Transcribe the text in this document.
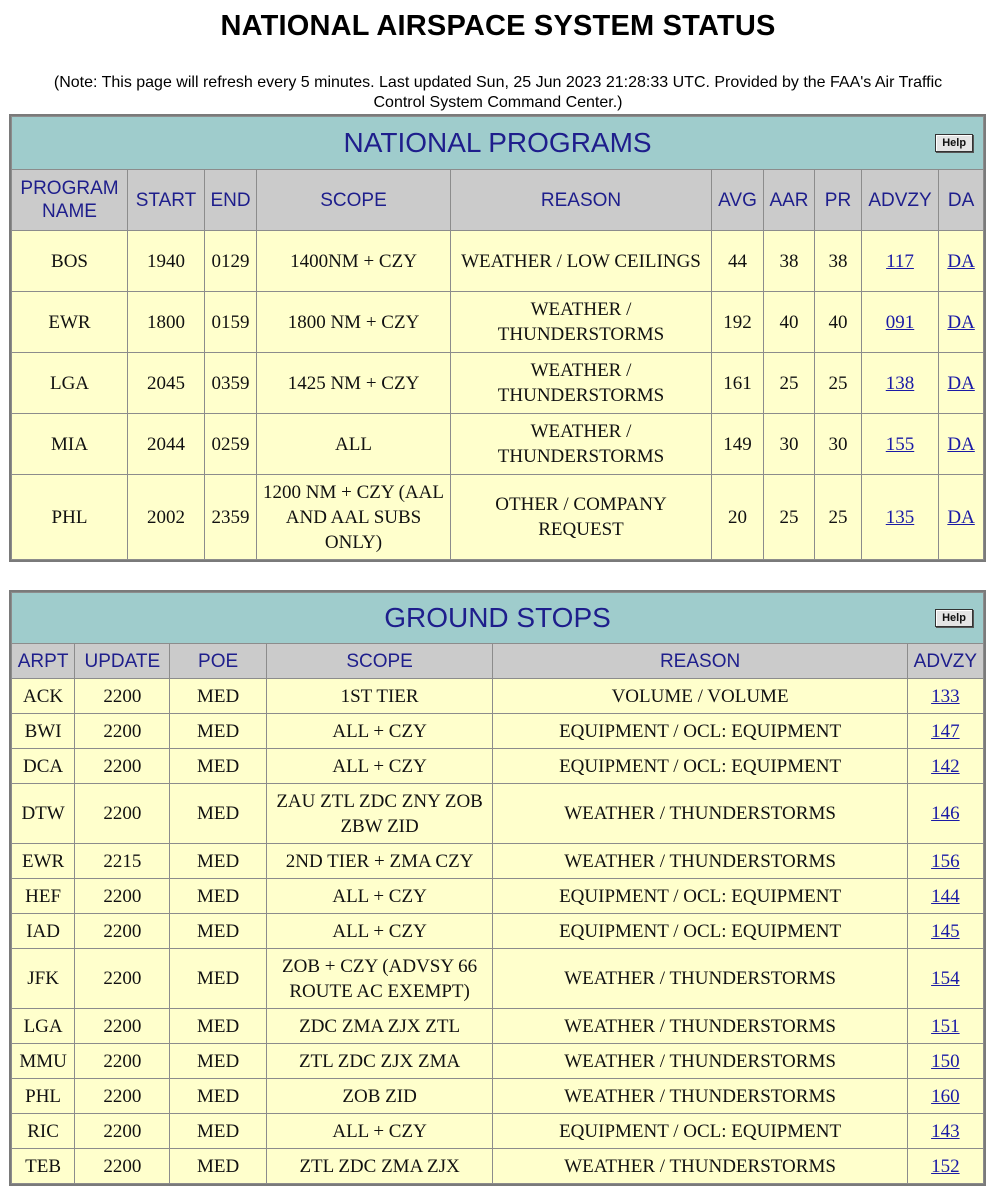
NATIONAL AIRSPACE SYSTEM STATUS
(Note: This page will refresh every 5 minutes. Last updated Sun, 25 Jun 2023 21:28:33 UTC. Provided by the FAA's Air Traffic
Control System Command Center.)
NATIONAL PROGRAMS Help									

PROGRAM NAME	START	END	SCOPE	REASON	AVG	AAR	PR	ADVZY	DA
BOS	1940	0129	1400NM + CZY	WEATHER / LOW CEILINGS	44	38	38	117	DA
EWR	1800	0159	1800 NM + CZY	WEATHER / THUNDERSTORMS	192	40	40	091	DA
LGA	2045	0359	1425 NM + CZY	WEATHER / THUNDERSTORMS	161	25	25	138	DA
MIA	2044	0259	ALL	WEATHER / THUNDERSTORMS	149	30	30	155	DA
PHL	2002	2359	1200 NM + CZY (AAL AND AAL SUBS ONLY)	OTHER / COMPANY REQUEST	20	25	25	135	DA
GROUND STOPS Help					

ARPT	UPDATE	POE	SCOPE	REASON	ADVZY
ACK	2200	MED	1ST TIER	VOLUME / VOLUME	133
BWI	2200	MED	ALL + CZY	EQUIPMENT / OCL: EQUIPMENT	147
DCA	2200	MED	ALL + CZY	EQUIPMENT / OCL: EQUIPMENT	142
DTW	2200	MED	ZAU ZTL ZDC ZNY ZOB ZBW ZID	WEATHER / THUNDERSTORMS	146
EWR	2215	MED	2ND TIER + ZMA CZY	WEATHER / THUNDERSTORMS	156
HEF	2200	MED	ALL + CZY	EQUIPMENT / OCL: EQUIPMENT	144
IAD	2200	MED	ALL + CZY	EQUIPMENT / OCL: EQUIPMENT	145
JFK	2200	MED	ZOB + CZY (ADVSY 66 ROUTE AC EXEMPT)	WEATHER / THUNDERSTORMS	154
LGA	2200	MED	ZDC ZMA ZJX ZTL	WEATHER / THUNDERSTORMS	151
MMU	2200	MED	ZTL ZDC ZJX ZMA	WEATHER / THUNDERSTORMS	150
PHL	2200	MED	ZOB ZID	WEATHER / THUNDERSTORMS	160
RIC	2200	MED	ALL + CZY	EQUIPMENT / OCL: EQUIPMENT	143
TEB	2200	MED	ZTL ZDC ZMA ZJX	WEATHER / THUNDERSTORMS	152
